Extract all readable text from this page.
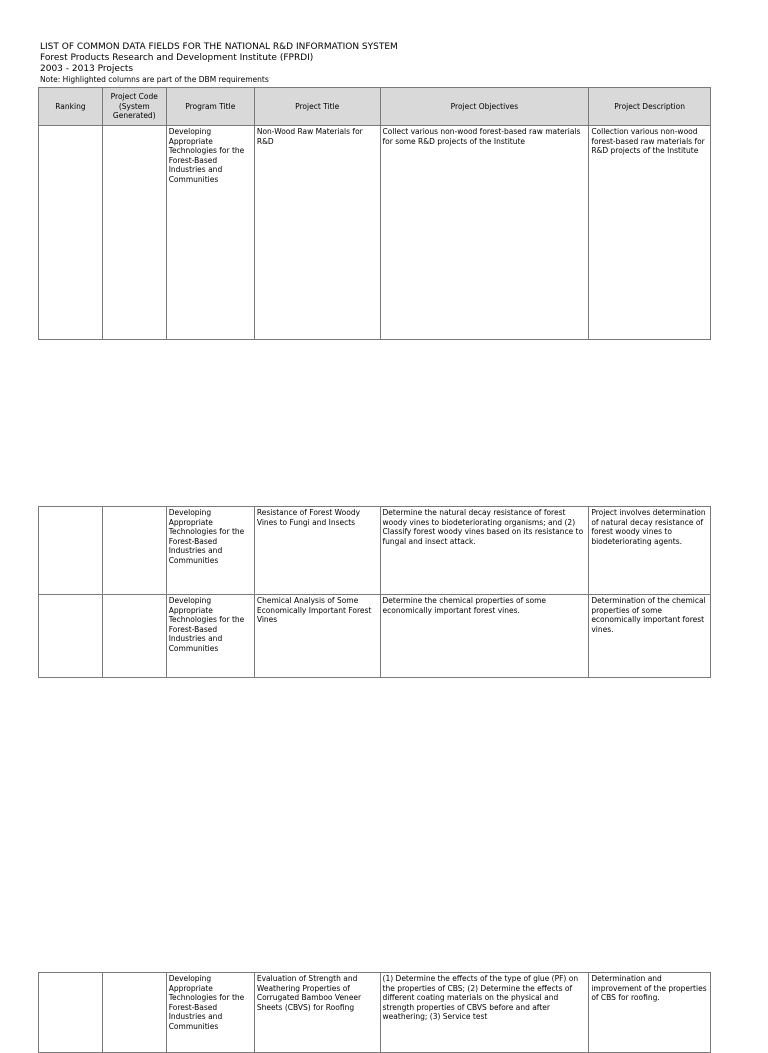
LIST OF COMMON DATA FIELDS FOR THE NATIONAL R&D INFORMATION SYSTEM
Forest Products Research and Development Institute (FPRDI)
2003 - 2013 Projects
Note: Highlighted columns are part of the DBM requirements
Ranking	Project Code (System Generated)	Program Title	Project Title	Project Objectives	Project Description
		Developing Appropriate Technologies for the Forest-Based Industries and Communities	Non-Wood Raw Materials for R&D	Collect various non-wood forest-based raw materials for some R&D projects of the Institute	Collection various non-wood forest-based raw materials for R&D projects of the Institute
		Developing Appropriate Technologies for the Forest-Based Industries and Communities	Resistance of Forest Woody Vines to Fungi and Insects	Determine the natural decay resistance of forest woody vines to biodeteriorating organisms; and (2) Classify forest woody vines based on its resistance to fungal and insect attack.	Project involves determination of natural decay resistance of forest woody vines to biodeteriorating agents.
		Developing Appropriate Technologies for the Forest-Based Industries and Communities	Chemical Analysis of Some Economically Important Forest Vines	Determine the chemical properties of some economically important forest vines.	Determination of the chemical properties of some economically important forest vines.
		Developing Appropriate Technologies for the Forest-Based Industries and Communities	Evaluation of Strength and Weathering Properties of Corrugated Bamboo Veneer Sheets (CBVS) for Roofing	(1) Determine the effects of the type of glue (PF) on the properties of CBS; (2) Determine the effects of different coating materials on the physical and strength properties of CBVS before and after weathering; (3) Service test	Determination and improvement of the properties of CBS for roofing.
